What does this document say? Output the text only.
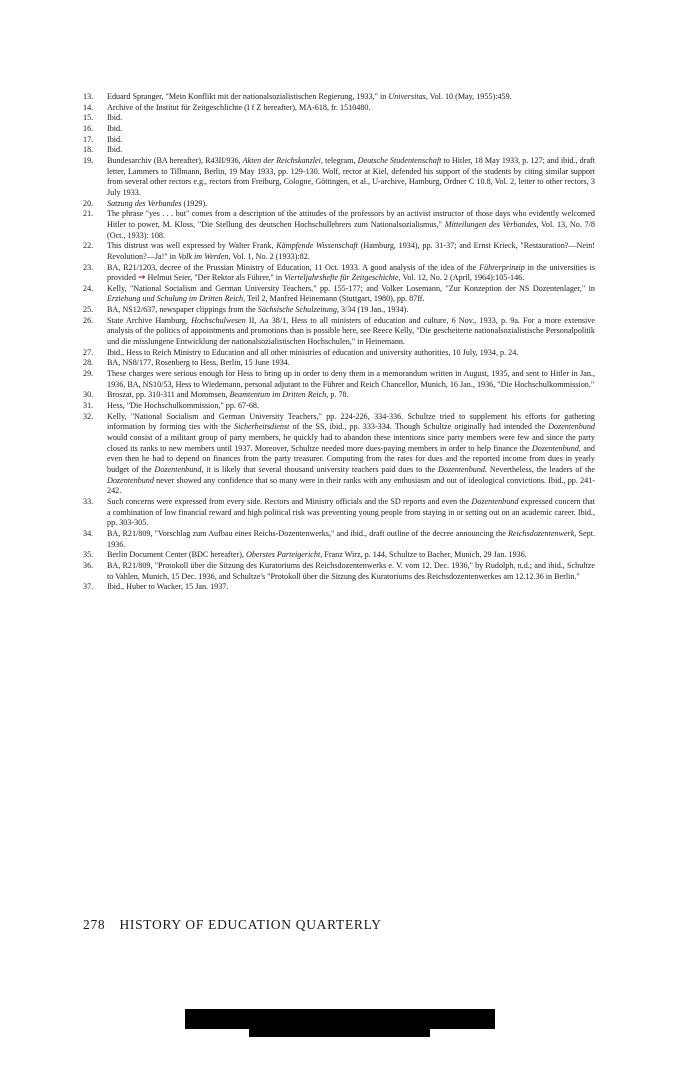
13.	Eduard Spranger, "Mein Konflikt mit der nationalsozialistischen Regierung, 1933," in Universitas, Vol. 10 (May, 1955):459.
14.	Archive of the Institut für Zeitgeschlichte (I f Z hereafter), MA-618, fr. 1510480.
15.	Ibid.
16.	Ibid.
17.	Ibid.
18.	Ibid.
19.	Bundesarchiv (BA hereafter), R43II/936, Akten der Reichskanzlei, telegram, Deutsche Studentenschaft to Hitler, 18 May 1933, p. 127; and ibid., draft letter, Lammers to Tillmann, Berlin, 19 May 1933, pp. 129-130. Wolf, rector at Kiel, defended his support of the students by citing similar support from several other rectors e.g., rectors from Freiburg, Cologne, Göttingen, et al., U-archive, Hamburg, Ordner C 10.8, Vol. 2, letter to other rectors, 3 July 1933.
20.	Satzung des Verbandes (1929).
21.	The phrase "yes . . . but" comes from a description of the attitudes of the professors by an activist instructor of those days who evidently welcomed Hitler to power, M. Kloss, "Die Stellung des deutschen Hochschullehrers zum Nationalsozialismus," Mitteilungen des Verbandes, Vol. 13, No. 7/8 (Oct., 1933): 108.
22.	This distrust was well expressed by Walter Frank, Kämpfende Wissenschaft (Hamburg, 1934), pp. 31-37; and Ernst Krieck, "Restauration?—Nein! Revolution?—Ja!" in Volk im Werden, Vol. 1, No. 2 (1933):82.
23.	BA, R21/1203, decree of the Prussian Ministry of Education, 11 Oct. 1933. A good analysis of the idea of the Führerprinzip in the universities is provided → Helmut Seier, "Der Rektor als Führer," in Vierteljahrshefte für Zeitgeschichte, Vol. 12, No. 2 (April, 1964):105-146.
24.	Kelly, "National Socialism and German University Teachers," pp. 155-177; and Volker Losemann, "Zur Konzeption der NS Dozentenlager," in Erziehung und Schulung im Dritten Reich, Teil 2, Manfred Heinemann (Stuttgart, 1980), pp. 87ff.
25.	BA, NS12/637, newspaper clippings from the Sächsische Schulzeitung, 3/34 (19 Jan., 1934).
26.	State Archive Hamburg, Hochschulwesen II, Aa 38/1, Hess to all ministers of education and culture, 6 Nov., 1933, p. 9a. For a more extensive analysis of the politics of appointments and promotions than is possible here, see Reece Kelly, "Die gescheiterte nationalsozialistische Personalpolitik und die misslungene Entwicklung der nationalsozialistischen Hochschulen," in Heinemann.
27.	Ibid., Hess to Reich Ministry to Education and all other ministries of education and university authorities, 10 July, 1934, p. 24.
28.	BA, NS8/177, Rosenberg to Hess, Berlin, 15 June 1934.
29.	These charges were serious enough for Hess to bring up in order to deny them in a memorandum written in August, 1935, and sent to Hitler in Jan., 1936, BA, NS10/53, Hess to Wiedemann, personal adjutant to the Führer and Reich Chancellor, Munich, 16 Jan., 1936, "Die Hochschulkommission."
30.	Broszat, pp. 310-311 and Mommsen, Beamtentum im Dritten Reich, p. 78.
31.	Hess, "Die Hochschulkommission," pp. 67-68.
32.	Kelly, "National Socialism and German University Teachers," pp. 224-226, 334-336. Schultze tried to supplement his efforts for gathering information by forming ties with the Sicherheitsdienst of the SS, ibid., pp. 333-334. Though Schultze originally had intended the Dozentenbund would consist of a militant group of party members, he quickly had to abandon these intentions since party members were few and since the party closed its ranks to new members until 1937. Moreover, Schultze needed more dues-paying members in order to help finance the Dozentenbund, and even then he had to depend on finances from the party treasurer. Computing from the rates for dues and the reported income from dues in yearly budget of the Dozentenbund, it is likely that several thousand university teachers paid dues to the Dozentenbund. Nevertheless, the leaders of the Dozentenbund never showed any confidence that so many were in their ranks with any enthusiasm and out of ideological convictions. Ibid., pp. 241-242.
33.	Such concerns were expressed from every side. Rectors and Ministry officials and the SD reports and even the Dozentenbund expressed concern that a combination of low financial reward and high political risk was preventing young people from staying in or setting out on an academic career. Ibid., pp. 303-305.
34.	BA, R21/809, "Vorschlag zum Aufbau eines Reichs-Dozentenwerks," and ibid., draft outline of the decree announcing the Reichsdozentenwerk, Sept. 1936.
35.	Berlin Document Center (BDC hereafter), Oberstes Parteigericht, Franz Wirz, p. 144, Schultze to Bacher, Munich, 29 Jan. 1936.
36.	BA, R21/809, "Protokoll über die Sitzung des Kuratoriums des Reichsdozentenwerks e. V. vom 12. Dec. 1936," by Rudolph, n.d.; and ibid., Schultze to Vahlen, Munich, 15 Dec. 1936, and Schultze's "Protokoll über die Sitzung des Kuratoriums des Reichsdozentenwerkes am 12.12.36 in Berlin."
37.	Ibid., Huber to Wacker, 15 Jan. 1937.
278 HISTORY OF EDUCATION QUARTERLY
